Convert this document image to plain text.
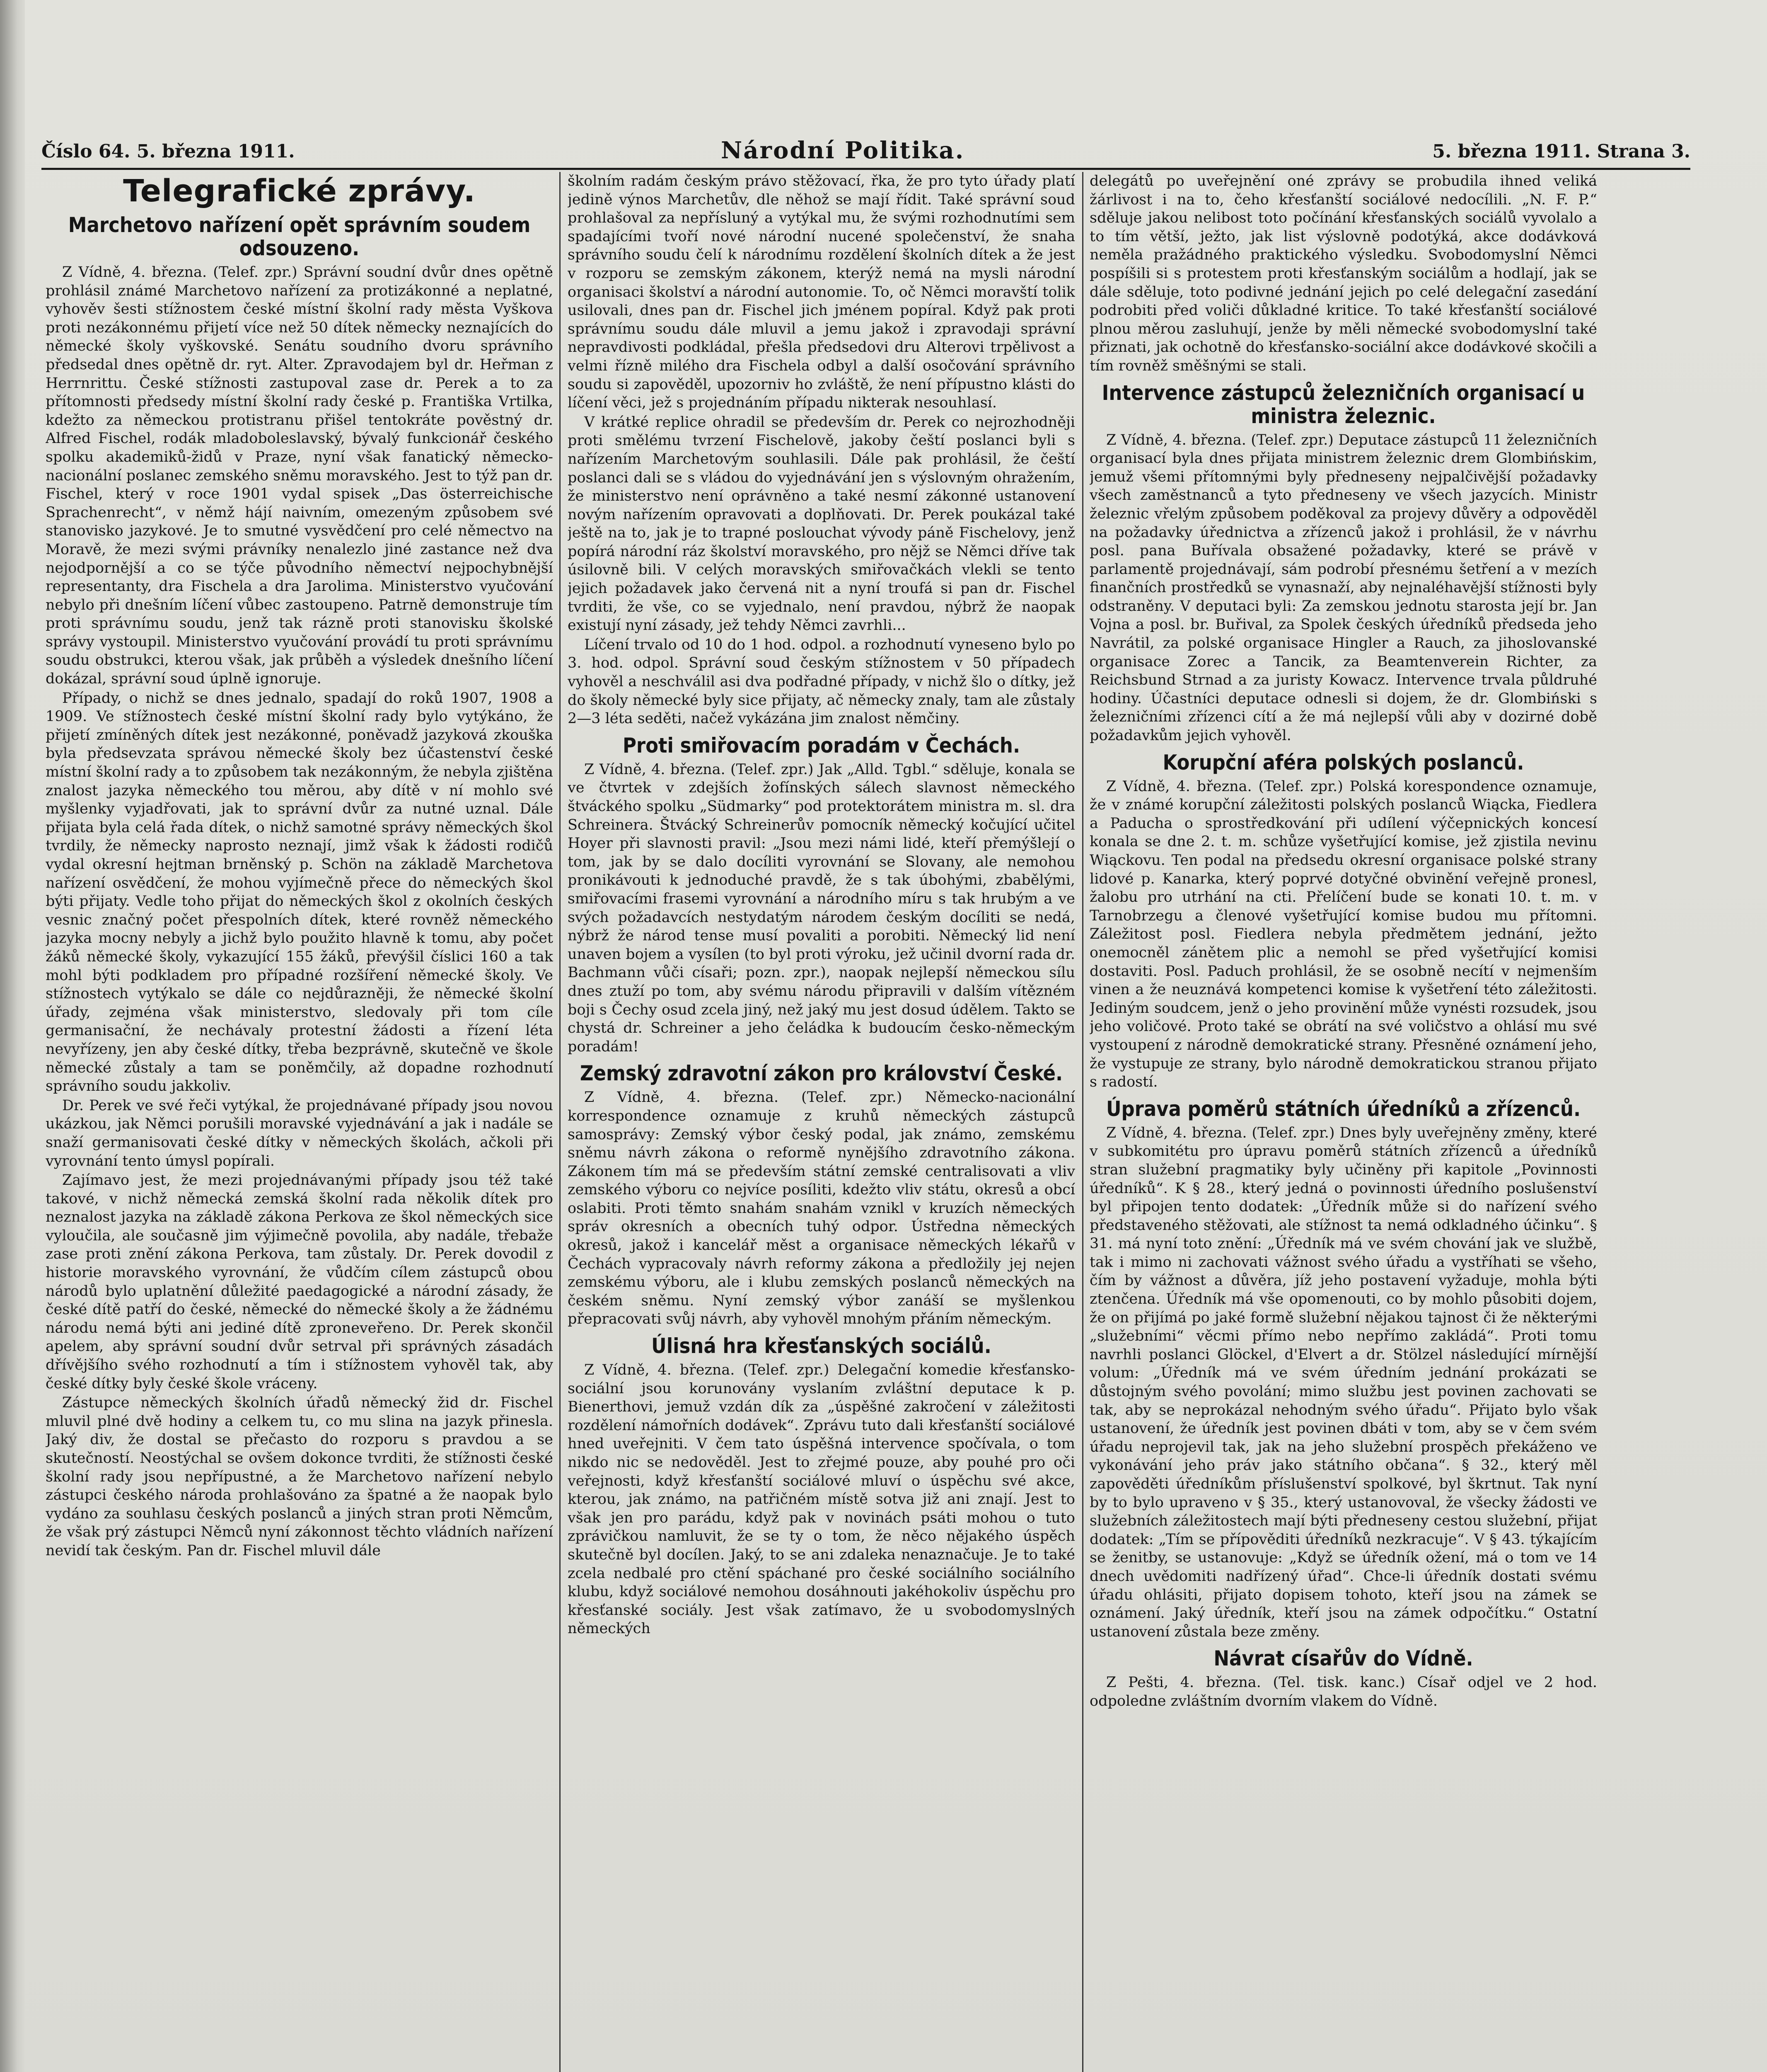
Číslo 64. 5. března 1911.	Národní Politika.	5. března 1911. Strana 3.
Telegrafické zprávy.
Marchetovo nařízení opět správním soudem odsouzeno.

Z Vídně, 4. března. (Telef. zpr.) Správní soudní dvůr dnes opětně prohlásil známé Marchetovo nařízení za protizákonné a neplatné, vyhověv šesti stížnostem české místní školní rady města Vyškova proti nezákonnému přijetí více než 50 dítek německy neznajících do německé školy vyškovské. Senátu soudního dvoru správního předsedal dnes opětně dr. ryt. Alter. Zpravodajem byl dr. Heřman z Herrnrittu. České stížnosti zastupoval zase dr. Perek a to za přítomnosti předsedy místní školní rady české p. Františka Vrtilka, kdežto za německou protistranu přišel tentokráte pověstný dr. Alfred Fischel, rodák mladoboleslavský, bývalý funkcionář českého spolku akademiků-židů v Praze, nyní však fanatický německo-nacionální poslanec zemského sněmu moravského. Jest to týž pan dr. Fischel, který v roce 1901 vydal spisek „Das österreichische Sprachenrecht“, v němž hájí naivním, omezeným způsobem své stanovisko jazykové. Je to smutné vysvědčení pro celé němectvo na Moravě, že mezi svými právníky nenalezlo jiné zastance než dva nejodpornější a co se týče původního němectví nejpochybnější representanty, dra Fischela a dra Jarolima. Ministerstvo vyučování nebylo při dnešním líčení vůbec zastoupeno. Patrně demonstruje tím proti správnímu soudu, jenž tak rázně proti stanovisku školské správy vystoupil. Ministerstvo vyučování provádí tu proti správnímu soudu obstrukci, kterou však, jak průběh a výsledek dnešního líčení dokázal, správní soud úplně ignoruje.

Případy, o nichž se dnes jednalo, spadají do roků 1907, 1908 a 1909. Ve stížnostech české místní školní rady bylo vytýkáno, že přijetí zmíněných dítek jest nezákonné, poněvadž jazyková zkouška byla předsevzata správou německé školy bez účastenství české místní školní rady a to způsobem tak nezákonným, že nebyla zjištěna znalost jazyka německého tou měrou, aby dítě v ní mohlo své myšlenky vyjadřovati, jak to správní dvůr za nutné uznal. Dále přijata byla celá řada dítek, o nichž samotné správy německých škol tvrdily, že německy naprosto neznají, jimž však k žádosti rodičů vydal okresní hejtman brněnský p. Schön na základě Marchetova nařízení osvědčení, že mohou vyjímečně přece do německých škol býti přijaty. Vedle toho přijat do německých škol z okolních českých vesnic značný počet přespolních dítek, které rovněž německého jazyka mocny nebyly a jichž bylo použito hlavně k tomu, aby počet žáků německé školy, vykazující 155 žáků, převýšil číslici 160 a tak mohl býti podkladem pro případné rozšíření německé školy. Ve stížnostech vytýkalo se dále co nejdůrazněji, že německé školní úřady, zejména však ministerstvo, sledovaly při tom cíle germanisační, že nechávaly protestní žádosti a řízení léta nevyřízeny, jen aby české dítky, třeba bezprávně, skutečně ve škole německé zůstaly a tam se poněmčily, až dopadne rozhodnutí správního soudu jakkoliv.

Dr. Perek ve své řeči vytýkal, že projednávané případy jsou novou ukázkou, jak Němci porušili moravské vyjednávání a jak i nadále se snaží germanisovati české dítky v německých školách, ačkoli při vyrovnání tento úmysl popírali.

Zajímavo jest, že mezi projednávanými případy jsou též také takové, v nichž německá zemská školní rada několik dítek pro neznalost jazyka na základě zákona Perkova ze škol německých sice vyloučila, ale současně jim výjimečně povolila, aby nadále, třebaže zase proti znění zákona Perkova, tam zůstaly. Dr. Perek dovodil z historie moravského vyrovnání, že vůdčím cílem zástupců obou národů bylo uplatnění důležité paedagogické a národní zásady, že české dítě patří do české, německé do německé školy a že žádnému národu nemá býti ani jediné dítě zproneveřeno. Dr. Perek skončil apelem, aby správní soudní dvůr setrval při správných zásadách dřívějšího svého rozhodnutí a tím i stížnostem vyhověl tak, aby české dítky byly české škole vráceny.

Zástupce německých školních úřadů německý žid dr. Fischel mluvil plné dvě hodiny a celkem tu, co mu slina na jazyk přinesla. Jaký div, že dostal se přečasto do rozporu s pravdou a se skutečností. Neostýchal se ovšem dokonce tvrditi, že stížnosti české školní rady jsou nepřípustné, a že Marchetovo nařízení nebylo zástupci českého národa prohlašováno za špatné a že naopak bylo vydáno za souhlasu českých poslanců a jiných stran proti Němcům, že však prý zástupci Němců nyní zákonnost těchto vládních nařízení nevidí tak českým. Pan dr. Fischel mluvil dále

školním radám českým právo stěžovací, řka, že pro tyto úřady platí jedině výnos Marchetův, dle něhož se mají řídit. Také správní soud prohlašoval za nepřísluný a vytýkal mu, že svými rozhodnutími sem spadajícími tvoří nové národní nucené společenství, že snaha správního soudu čelí k národnímu rozdělení školních dítek a že jest v rozporu se zemským zákonem, kterýž nemá na mysli národní organisaci školství a národní autonomie. To, oč Němci moravští tolik usilovali, dnes pan dr. Fischel jich jménem popíral. Když pak proti správnímu soudu dále mluvil a jemu jakož i zpravodaji správní nepravdivosti podkládal, přešla předsedovi dru Alterovi trpělivost a velmi řízně milého dra Fischela odbyl a další osočování správního soudu si zapověděl, upozorniv ho zvláště, že není přípustno klásti do líčení věci, jež s projednáním případu nikterak nesouhlasí.

V krátké replice ohradil se především dr. Perek co nejrozhodněji proti smělému tvrzení Fischelově, jakoby čeští poslanci byli s nařízením Marchetovým souhlasili. Dále pak prohlásil, že čeští poslanci dali se s vládou do vyjednávání jen s výslovným ohražením, že ministerstvo není oprávněno a také nesmí zákonné ustanovení novým nařízením opravovati a doplňovati. Dr. Perek poukázal také ještě na to, jak je to trapné poslouchat vývody páně Fischelovy, jenž popírá národní ráz školství moravského, pro nějž se Němci dříve tak úsilovně bili. V celých moravských smiřovačkách vlekli se tento jejich požadavek jako červená nit a nyní troufá si pan dr. Fischel tvrditi, že vše, co se vyjednalo, není pravdou, nýbrž že naopak existují nyní zásady, jež tehdy Němci zavrhli...

Líčení trvalo od 10 do 1 hod. odpol. a rozhodnutí vyneseno bylo po 3. hod. odpol. Správní soud českým stížnostem v 50 případech vyhověl a neschválil asi dva podřadné případy, v nichž šlo o dítky, jež do školy německé byly sice přijaty, ač německy znaly, tam ale zůstaly 2—3 léta seděti, načež vykázána jim znalost němčiny.

Proti smiřovacím poradám v Čechách.

Z Vídně, 4. března. (Telef. zpr.) Jak „Alld. Tgbl.“ sděluje, konala se ve čtvrtek v zdejších žofínských sálech slavnost německého štváckého spolku „Südmarky“ pod protektorátem ministra m. sl. dra Schreinera. Štvácký Schreinerův pomocník německý kočující učitel Hoyer při slavnosti pravil: „Jsou mezi námi lidé, kteří přemýšlejí o tom, jak by se dalo docíliti vyrovnání se Slovany, ale nemohou pronikávouti k jednoduché pravdě, že s tak úbohými, zbabělými, smiřovacími frasemi vyrovnání a národního míru s tak hrubým a ve svých požadavcích nestydatým národem českým docíliti se nedá, nýbrž že národ tense musí povaliti a porobiti. Německý lid není unaven bojem a vysílen (to byl proti výroku, jež učinil dvorní rada dr. Bachmann vůči císaři; pozn. zpr.), naopak nejlepší německou sílu dnes ztuží po tom, aby svému národu připravili v dalším vítězném boji s Čechy osud zcela jiný, než jaký mu jest dosud údělem. Takto se chystá dr. Schreiner a jeho čeládka k budoucím česko-německým poradám!

Zemský zdravotní zákon pro království České.

Z Vídně, 4. března. (Telef. zpr.) Německo-nacionální korrespondence oznamuje z kruhů německých zástupců samosprávy: Zemský výbor český podal, jak známo, zemskému sněmu návrh zákona o reformě nynějšího zdravotního zákona. Zákonem tím má se především státní zemské centralisovati a vliv zemského výboru co nejvíce posíliti, kdežto vliv státu, okresů a obcí oslabiti. Proti těmto snahám snahám vznikl v kruzích německých správ okresních a obecních tuhý odpor. Ústředna německých okresů, jakož i kancelář měst a organisace německých lékařů v Čechách vypracovaly návrh reformy zákona a předložily jej nejen zemskému výboru, ale i klubu zemských poslanců německých na českém sněmu. Nyní zemský výbor zanáší se myšlenkou přepracovati svůj návrh, aby vyhověl mnohým přáním německým.

Úlisná hra křesťanských sociálů.

Z Vídně, 4. března. (Telef. zpr.) Delegační komedie křesťansko-sociální jsou korunovány vyslaním zvláštní deputace k p. Bienerthovi, jemuž vzdán dík za „úspěšné zakročení v záležitosti rozdělení námořních dodávek“. Zprávu tuto dali křesťanští sociálové hned uveřejniti. V čem tato úspěšná intervence spočívala, o tom nikdo nic se nedověděl. Jest to zřejmé pouze, aby pouhé pro oči veřejnosti, když křesťanští sociálové mluví o úspěchu své akce, kterou, jak známo, na patřičném místě sotva již ani znají. Jest to však jen pro parádu, když pak v novinách psáti mohou o tuto zprávičkou namluvit, že se ty o tom, že něco nějakého úspěch skutečně byl docílen. Jaký, to se ani zdaleka nenaznačuje. Je to také zcela nedbalé pro ctění spáchané pro české sociálního sociálního klubu, když sociálové nemohou dosáhnouti jakéhokoliv úspěchu pro křesťanské sociály. Jest však zatímavo, že u svobodomyslných německých

delegátů po uveřejnění oné zprávy se probudila ihned veliká žárlivost i na to, čeho křesťanští sociálové nedocílili. „N. F. P.“ sděluje jakou nelibost toto počínání křesťanských sociálů vyvolalo a to tím větší, ježto, jak list výslovně podotýká, akce dodávková neměla pražádného praktického výsledku. Svobodomyslní Němci pospíšili si s protestem proti křesťanským sociálům a hodlají, jak se dále sděluje, toto podivné jednání jejich po celé delegační zasedání podrobiti před voliči důkladné kritice. To také křesťanští sociálové plnou měrou zasluhují, jenže by měli německé svobodomyslní také přiznati, jak ochotně do křesťansko-sociální akce dodávkové skočili a tím rovněž směšnými se stali.

Intervence zástupců železničních organisací u ministra železnic.

Z Vídně, 4. března. (Telef. zpr.) Deputace zástupců 11 železničních organisací byla dnes přijata ministrem železnic drem Glombińskim, jemuž všemi přítomnými byly předneseny nejpalčivější požadavky všech zaměstnanců a tyto předneseny ve všech jazycích. Ministr železnic vřelým způsobem poděkoval za projevy důvěry a odpověděl na požadavky úřednictva a zřízenců jakož i prohlásil, že v návrhu posl. pana Buřívala obsažené požadavky, které se právě v parlamentě projednávají, sám podrobí přesnému šetření a v mezích finančních prostředků se vynasnaží, aby nejnaléhavější stížnosti byly odstraněny. V deputaci byli: Za zemskou jednotu starosta její br. Jan Vojna a posl. br. Buřival, za Spolek českých úředníků předseda jeho Navrátil, za polské organisace Hingler a Rauch, za jihoslovanské organisace Zorec a Tancik, za Beamtenverein Richter, za Reichsbund Strnad a za juristy Kowacz. Intervence trvala půldruhé hodiny. Účastníci deputace odnesli si dojem, že dr. Glombiński s železničními zřízenci cítí a že má nejlepší vůli aby v dozirné době požadavkům jejich vyhověl.

Korupční aféra polských poslanců.

Z Vídně, 4. března. (Telef. zpr.) Polská korespondence oznamuje, že v známé korupční záležitosti polských poslanců Wiącka, Fiedlera a Paducha o sprostředkování při udílení výčepnických koncesí konala se dne 2. t. m. schůze vyšetřující komise, jež zjistila nevinu Wiąckovu. Ten podal na předsedu okresní organisace polské strany lidové p. Kanarka, který poprvé dotyčné obvinění veřejně pronesl, žalobu pro utrhání na cti. Přelíčení bude se konati 10. t. m. v Tarnobrzegu a členové vyšetřující komise budou mu přítomni. Záležitost posl. Fiedlera nebyla předmětem jednání, ježto onemocněl zánětem plic a nemohl se před vyšetřující komisi dostaviti. Posl. Paduch prohlásil, že se osobně necítí v nejmenším vinen a že neuznává kompetenci komise k vyšetření této záležitosti. Jediným soudcem, jenž o jeho provinění může vynésti rozsudek, jsou jeho voličové. Proto také se obrátí na své voličstvo a ohlásí mu své vystoupení z národně demokratické strany. Přesněné oznámení jeho, že vystupuje ze strany, bylo národně demokratickou stranou přijato s radostí.

Úprava poměrů státních úředníků a zřízenců.

Z Vídně, 4. března. (Telef. zpr.) Dnes byly uveřejněny změny, které v subkomitétu pro úpravu poměrů státních zřízenců a úředníků stran služební pragmatiky byly učiněny při kapitole „Povinnosti úředníků“. K § 28., který jedná o povinnosti úředního poslušenství byl připojen tento dodatek: „Úředník může si do nařízení svého představeného stěžovati, ale stížnost ta nemá odkladného účinku“. § 31. má nyní toto znění: „Úředník má ve svém chování jak ve službě, tak i mimo ni zachovati vážnost svého úřadu a vystříhati se všeho, čím by vážnost a důvěra, jíž jeho postavení vyžaduje, mohla býti ztenčena. Úředník má vše opomenouti, co by mohlo působiti dojem, že on přijímá po jaké formě služební nějakou tajnost či že některými „služebními“ věcmi přímo nebo nepřímo zakládá“. Proti tomu navrhli poslanci Glöckel, d'Elvert a dr. Stölzel následující mírnější volum: „Úředník má ve svém úředním jednání prokázati se důstojným svého povolání; mimo službu jest povinen zachovati se tak, aby se neprokázal nehodným svého úřadu“. Přijato bylo však ustanovení, že úředník jest povinen dbáti v tom, aby se v čem svém úřadu neprojevil tak, jak na jeho služební prospěch překáženo ve vykonávání jeho práv jako státního občana“. § 32., který měl zapověděti úředníkům příslušenství spolkové, byl škrtnut. Tak nyní by to bylo upraveno v § 35., který ustanovoval, že všecky žádosti ve služebních záležitostech mají býti předneseny cestou služební, přijat dodatek: „Tím se přípověditi úředníků nezkracuje“. V § 43. týkajícím se ženitby, se ustanovuje: „Když se úředník ožení, má o tom ve 14 dnech uvědomiti nadřízený úřad“. Chce-li úředník dostati svému úřadu ohlásiti, přijato dopisem tohoto, kteří jsou na zámek se oznámení. Jaký úředník, kteří jsou na zámek odpočítku.“ Ostatní ustanovení zůstala beze změny.

Návrat císařův do Vídně.

Z Pešti, 4. března. (Tel. tisk. kanc.) Císař odjel ve 2 hod. odpoledne zvláštním dvorním vlakem do Vídně.
